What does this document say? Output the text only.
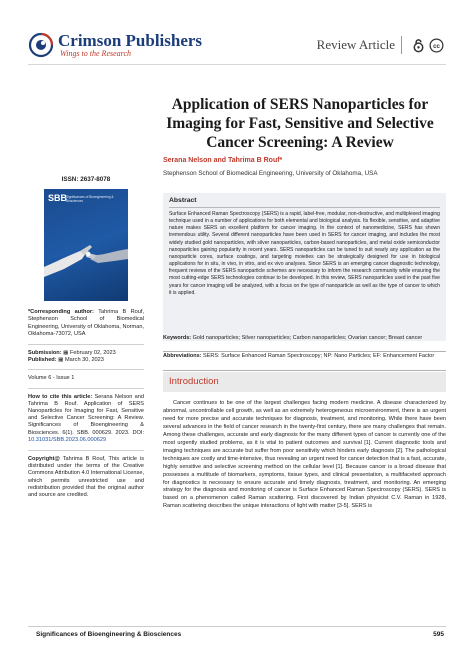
Crimson Publishers
Wings to the Research
Review Article	cc
Application of SERS Nanoparticles for Imaging for Fast, Sensitive and Selective Cancer Screening: A Review
Serana Nelson and Tahrima B Rouf*
Stephenson School of Biomedical Engineering, University of Oklahoma, USA
ISSN: 2637-8078
SBB
Significances of Bioengineering & Biosciences
*Corresponding author: Tahrima B Rouf, Stephenson School of Biomedical Engineering, University of Oklahoma, Norman, Oklahoma-73072, USA
Submission: ▦ February 02, 2023
Published: ▦ March 30, 2023
Volume 6 - Issue 1
How to cite this article: Serana Nelson and Tahrima B Rouf. Application of SERS Nanoparticles for Imaging for Fast, Sensitive and Selective Cancer Screening: A Review. Significances of Bioengineering & Biosciences. 6(1). SBB. 000629. 2023. DOI: 10.31031/SBB.2023.06.000629
Copyright@ Tahrima B Rouf, This article is distributed under the terms of the Creative Commons Attribution 4.0 International License, which permits unrestricted use and redistribution provided that the original author and source are credited.
Abstract
Surface Enhanced Raman Spectroscopy (SERS) is a rapid, label-free, modular, non-destructive, and multiplexed imaging technique used in a number of applications for both elemental and biological analysis. Its flexible, sensitive, and adaptive nature makes SERS an excellent platform for cancer imaging. In the context of nanomedicine, SERS has shown tremendous utility. Several different nanoparticles have been used in SERS for cancer imaging, and includes the most widely studied gold nanoparticles, with silver nanoparticles, carbon-based nanoparticles, and metal oxide semiconductor nanoparticles gaining popularity in recent years. SERS nanoparticles can be tuned to suit nearly any application as the nanoparticle cores, surface coatings, and targeting moieties can be strategically designed for use in biological applications for in situ, in vivo, in vitro, and ex vivo analyses. Since SERS is an emerging cancer diagnostic technology, frequent reviews of the SERS nanoparticle schemes are necessary to inform the research community while ensuring the most cutting-edge SERS technologies continue to be developed. In this review, SERS nanoparticles used in the past five years for cancer imaging will be analyzed, with a focus on the type of nanoparticle as well as the type of cancer to which it is applied.
Keywords: Gold nanoparticles; Silver nanoparticles; Carbon nanoparticles; Ovarian cancer; Breast cancer
Abbreviations: SERS: Surface Enhanced Raman Spectroscopy; NP: Nano Particles; EF: Enhancement Factor
Introduction
Cancer continues to be one of the largest challenges facing modern medicine. A disease characterized by abnormal, uncontrollable cell growth, as well as an extremely heterogeneous microenvironment, there is an urgent need for more precise and accurate techniques for diagnosis, treatment, and monitoring. While there have been several advances in the field of cancer research in the twenty-first century, there are many challenges that remain. Among these challenges, accurate and early diagnosis for the many different types of cancer is currently one of the most urgently studied problems, as it is vital to patient outcomes and survival [1]. Current diagnostic tools and imaging techniques are accurate but suffer from poor sensitivity which hinders early diagnosis [2]. The pathological techniques are costly and time-intensive, thus revealing an urgent need for cancer detection that is a fast, accurate, highly sensitive and selective screening method on the cellular level [1]. Because cancer is a broad disease that possesses a multitude of biomarkers, symptoms, tissue types, and clinical presentation, a multifaceted approach for diagnostics is necessary to ensure accurate and timely diagnosis, treatment, and monitoring. An emerging strategy for the diagnosis and monitoring of cancer is Surface Enhanced Raman Spectroscopy (SERS). SERS is based on a phenomenon called Raman scattering. First discovered by Indian physicist C.V. Raman in 1928, Raman scattering describes the unique interactions of light with matter [3-5]. SERS is
Significances of Bioengineering & Biosciences	595
